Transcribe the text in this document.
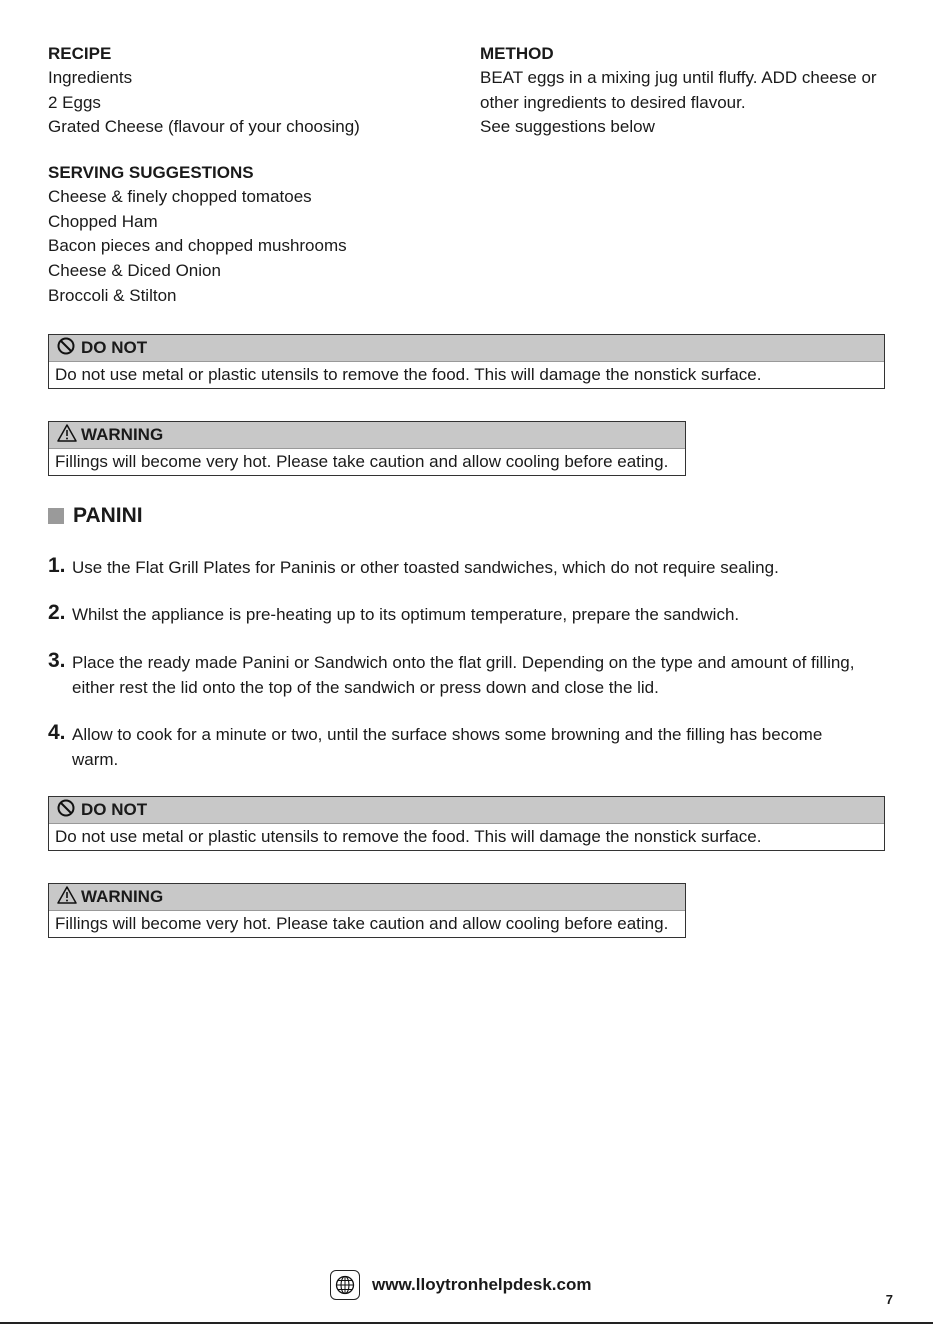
RECIPE

Ingredients

2 Eggs

Grated Cheese (flavour of your choosing)

METHOD

BEAT eggs in a mixing jug until fluffy. ADD cheese or

other ingredients to desired flavour.

See suggestions below

SERVING SUGGESTIONS

Cheese & finely chopped tomatoes

Chopped Ham

Bacon pieces and chopped mushrooms

Cheese & Diced Onion

Broccoli & Stilton

DO NOT
Do not use metal or plastic utensils to remove the food. This will damage the nonstick surface.
WARNING
Fillings will become very hot. Please take caution and allow cooling before eating.
PANINI
1. Use the Flat Grill Plates for Paninis or other toasted sandwiches, which do not require sealing.
2. Whilst the appliance is pre-heating up to its optimum temperature, prepare the sandwich.
3. Place the ready made Panini or Sandwich onto the flat grill. Depending on the type and amount of filling,
either rest the lid onto the top of the sandwich or press down and close the lid.
4. Allow to cook for a minute or two, until the surface shows some browning and the filling has become
warm.
DO NOT
Do not use metal or plastic utensils to remove the food. This will damage the nonstick surface.
WARNING
Fillings will become very hot. Please take caution and allow cooling before eating.
www.lloytronhelpdesk.com
7
